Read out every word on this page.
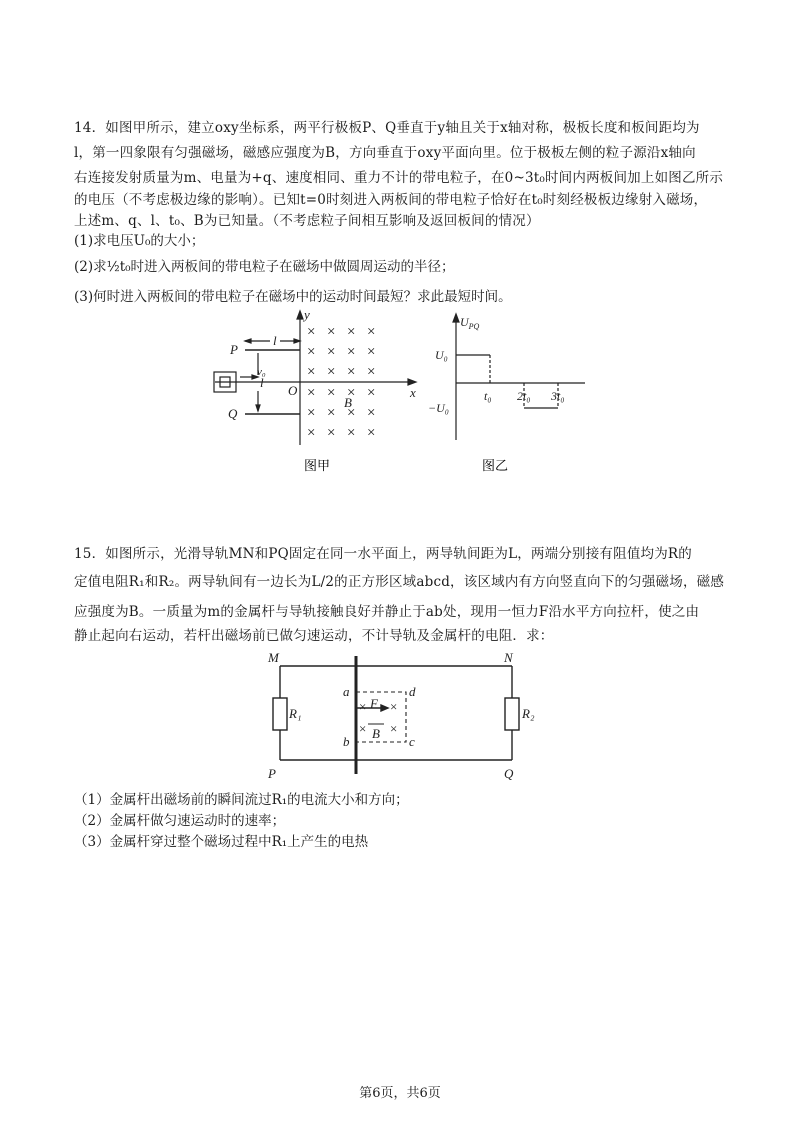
14．如图甲所示，建立oxy坐标系，两平行极板P、Q垂直于y轴且关于x轴对称，极板长度和板间距均为
l，第一四象限有匀强磁场，磁感应强度为B，方向垂直于oxy平面向里。位于极板左侧的粒子源沿x轴向
右连接发射质量为m、电量为+q、速度相同、重力不计的带电粒子，在0~3t₀时间内两板间加上如图乙所示
的电压（不考虑极边缘的影响）。已知t=0时刻进入两板间的带电粒子恰好在t₀时刻经极板边缘射入磁场，
上述m、q、l、t₀、B为已知量。（不考虑粒子间相互影响及返回板间的情况）
(1)求电压U₀的大小；
(2)求½t₀时进入两板间的带电粒子在磁场中做圆周运动的半径；
(3)何时进入两板间的带电粒子在磁场中的运动时间最短？求此最短时间。
× × × ×
× × × ×
× × × ×
× × × ×
× × × ×
× × × ×
P
Q
O	x
y
B
l
l
v₀
图甲
$U_{PQ}$
U₀
−U₀
t₀ 2t₀ 3t₀
图乙
15．如图所示，光滑导轨MN和PQ固定在同一水平面上，两导轨间距为L，两端分别接有阻值均为R的
定值电阻R₁和R₂。两导轨间有一边长为L/2的正方形区域abcd，该区域内有方向竖直向下的匀强磁场，磁感
应强度为B。一质量为m的金属杆与导轨接触良好并静止于ab处，现用一恒力F沿水平方向拉杆，使之由
静止起向右运动，若杆出磁场前已做匀速运动，不计导轨及金属杆的电阻．求：
M	N
P	Q
a
b	c
d
R₁	R₂
F
B
× ×
× ×
（1）金属杆出磁场前的瞬间流过R₁的电流大小和方向；
（2）金属杆做匀速运动时的速率；
（3）金属杆穿过整个磁场过程中R₁上产生的电热
第6页，共6页
